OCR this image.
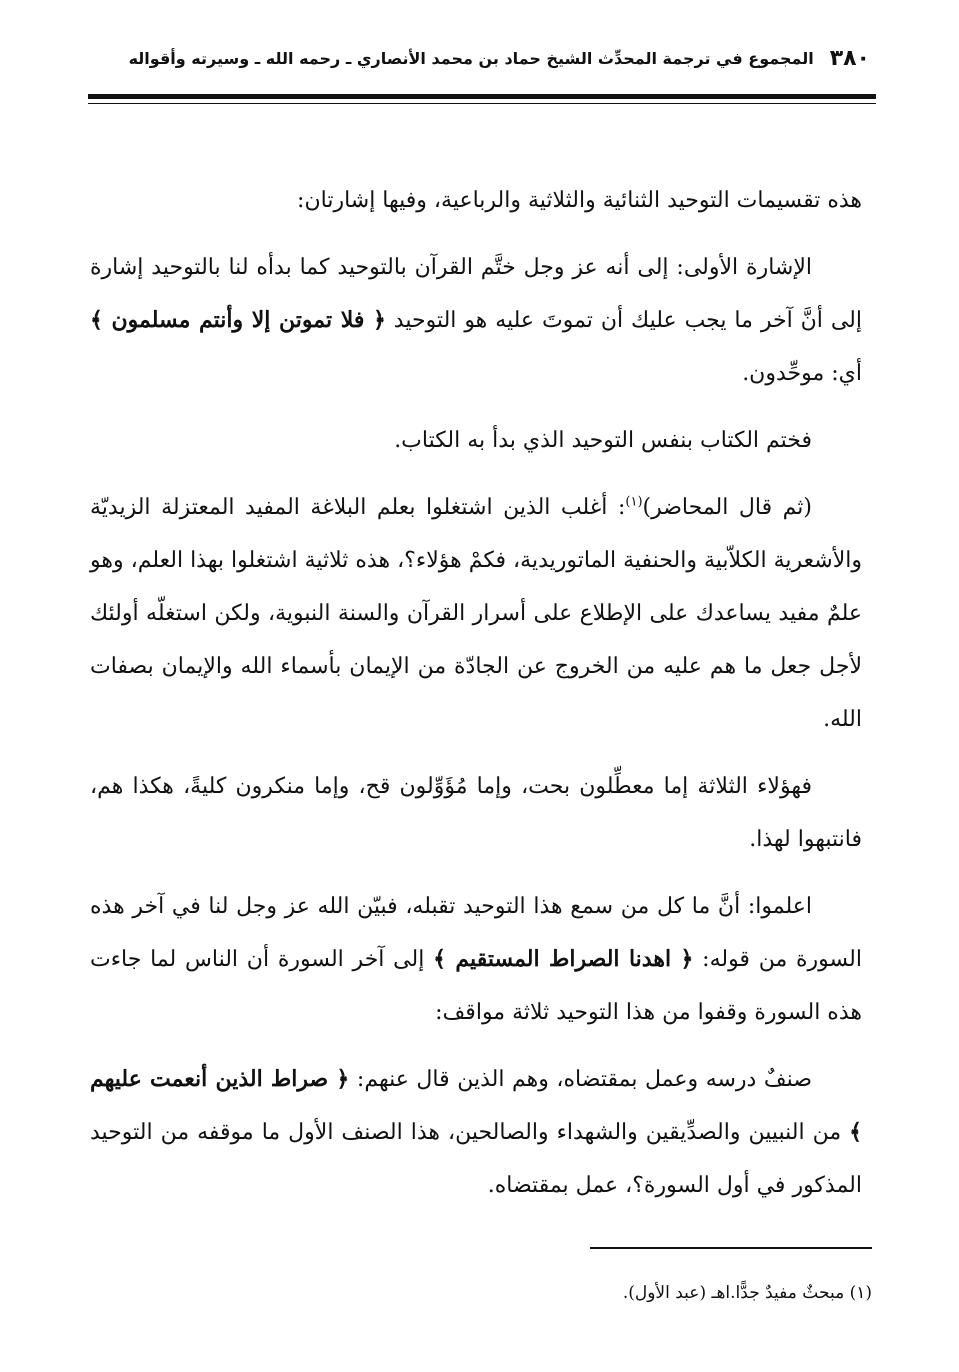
٣٨٠
المجموع في ترجمة المحدِّث الشيخ حماد بن محمد الأنصاري ـ رحمه الله ـ وسيرته وأقواله

هذه تقسيمات التوحيد الثنائية والثلاثية والرباعية، وفيها إشارتان:

الإشارة الأولى: إلى أنه عز وجل ختَّم القرآن بالتوحيد كما بدأه لنا بالتوحيد إشارة إلى أنَّ آخر ما يجب عليك أن تموتَ عليه هو التوحيد ﴿ فلا تموتن إلا وأنتم مسلمون ﴾ أي: موحِّدون.

فختم الكتاب بنفس التوحيد الذي بدأ به الكتاب.

(ثم قال المحاضر)$^{(١)}$: أغلب الذين اشتغلوا بعلم البلاغة المفيد المعتزلة الزيديّة والأشعرية الكلاّبية والحنفية الماتوريدية، فكمْ هؤلاء؟، هذه ثلاثية اشتغلوا بهذا العلم، وهو علمٌ مفيد يساعدك على الإطلاع على أسرار القرآن والسنة النبوية، ولكن استغلّه أولئك لأجل جعل ما هم عليه من الخروج عن الجادّة من الإيمان بأسماء الله والإيمان بصفات الله.

فهؤلاء الثلاثة إما معطِّلون بحت، وإما مُؤَوِّلون قح، وإما منكرون كليةً، هكذا هم، فانتبهوا لهذا.

اعلموا: أنَّ ما كل من سمع هذا التوحيد تقبله، فبيّن الله عز وجل لنا في آخر هذه السورة من قوله: ﴿ اهدنا الصراط المستقيم ﴾ إلى آخر السورة أن الناس لما جاءت هذه السورة وقفوا من هذا التوحيد ثلاثة مواقف:

صنفٌ درسه وعمل بمقتضاه، وهم الذين قال عنهم: ﴿ صراط الذين أنعمت عليهم ﴾ من النبيين والصدِّيقين والشهداء والصالحين، هذا الصنف الأول ما موقفه من التوحيد المذكور في أول السورة؟، عمل بمقتضاه.

(١) مبحثٌ مفيدٌ جدًّا.اهـ (عبد الأول).
